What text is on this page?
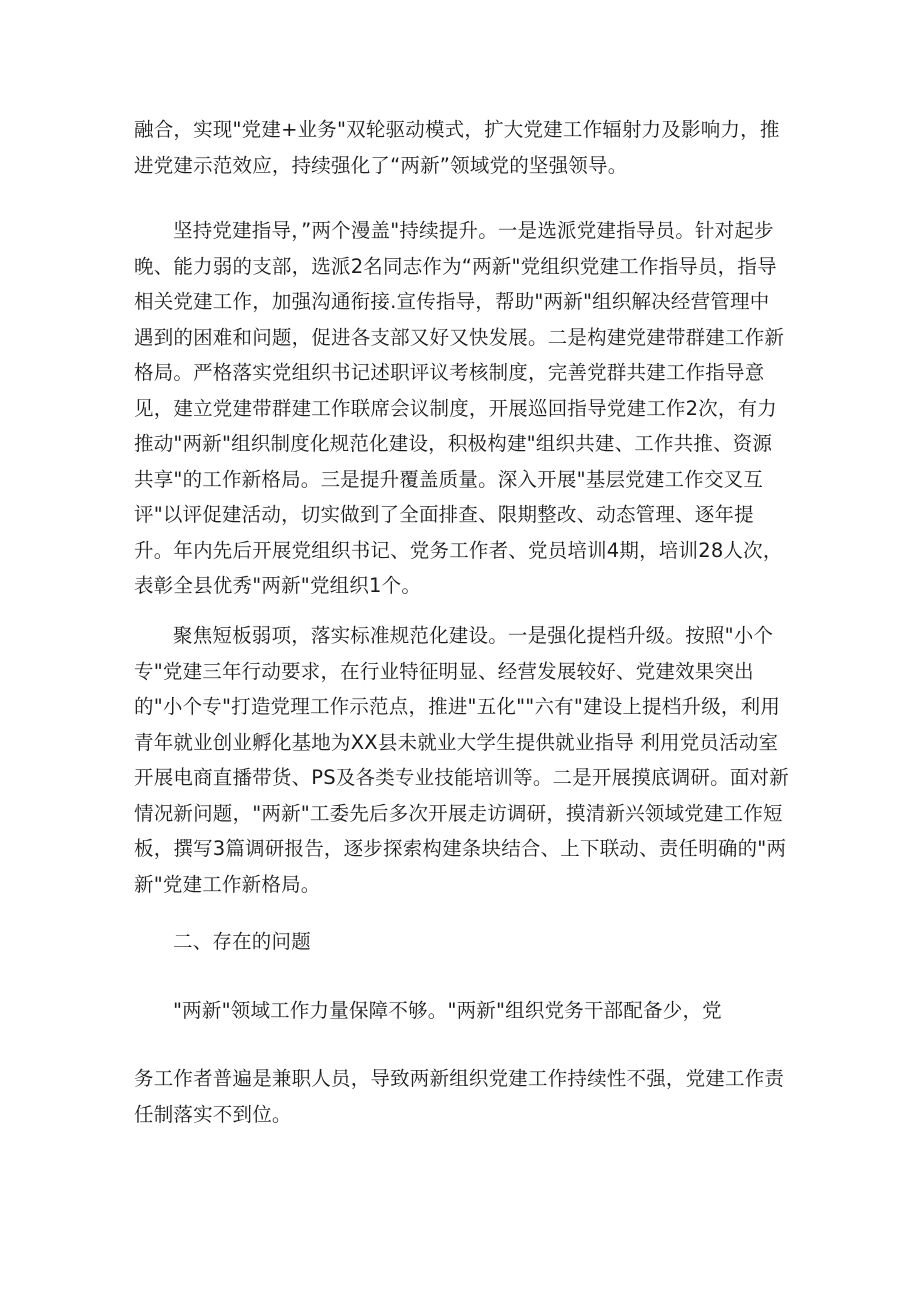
融合，实现"党建+业务"双轮驱动模式，扩大党建工作辐射力及影响力，推进党建示范效应，持续强化了“两新”领域党的坚强领导。

坚持党建指导，”两个漫盖"持续提升。一是选派党建指导员。针对起步晚、能力弱的支部，选派2名同志作为“两新"党组织党建工作指导员，指导相关党建工作，加强沟通衔接.宣传指导，帮助"两新"组织解决经营管理中遇到的困难和问题，促进各支部又好又快发展。二是构建党建带群建工作新格局。严格落实党组织书记述职评议考核制度，完善党群共建工作指导意见，建立党建带群建工作联席会议制度，开展巡回指导党建工作2次，有力推动"两新"组织制度化规范化建设，积极构建"组织共建、工作共推、资源共享"的工作新格局。三是提升覆盖质量。深入开展"基层党建工作交叉互评"以评促建活动，切实做到了全面排查、限期整改、动态管理、逐年提升。年内先后开展党组织书记、党务工作者、党员培训4期，培训28人次，表彰全县优秀"两新"党组织1个。

聚焦短板弱项，落实标准规范化建设。一是强化提档升级。按照"小个专"党建三年行动要求，在行业特征明显、经营发展较好、党建效果突出的"小个专"打造党理工作示范点，推进"五化""六有"建设上提档升级，利用青年就业创业孵化基地为XX县未就业大学生提供就业指导 利用党员活动室开展电商直播带货、PS及各类专业技能培训等。二是开展摸底调研。面对新情况新问题，"两新"工委先后多次开展走访调研，摸清新兴领域党建工作短板，撰写3篇调研报告，逐步探索构建条块结合、上下联动、责任明确的"两新"党建工作新格局。

二、存在的问题

"两新"领域工作力量保障不够。"两新"组织党务干部配备少，党

务工作者普遍是兼职人员，导致两新组织党建工作持续性不强，党建工作责任制落实不到位。
